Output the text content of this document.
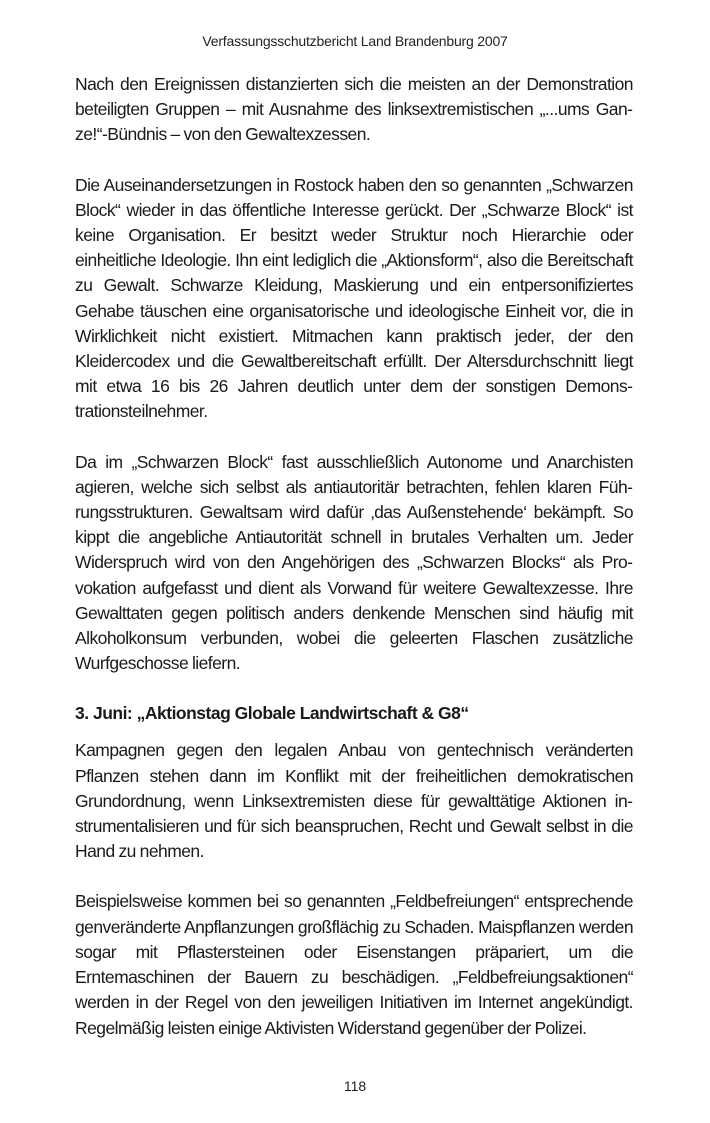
Verfassungsschutzbericht Land Brandenburg 2007

Nach den Ereignissen distanzierten sich die meisten an der Demonstration beteiligten Gruppen – mit Ausnahme des linksextremistischen „...ums Ganze!“-Bündnis – von den Gewaltexzessen.

Die Auseinandersetzungen in Rostock haben den so genannten „Schwarzen Block“ wieder in das öffentliche Interesse gerückt. Der „Schwarze Block“ ist keine Organisation. Er besitzt weder Struktur noch Hierarchie oder einheitliche Ideologie. Ihn eint lediglich die „Aktionsform“, also die Bereitschaft zu Gewalt. Schwarze Kleidung, Maskierung und ein entpersonifiziertes Gehabe täuschen eine organisatorische und ideologische Einheit vor, die in Wirklichkeit nicht existiert. Mitmachen kann praktisch jeder, der den Kleidercodex und die Gewaltbereitschaft erfüllt. Der Altersdurchschnitt liegt mit etwa 16 bis 26 Jahren deutlich unter dem der sonstigen Demonstrationsteilnehmer.

Da im „Schwarzen Block“ fast ausschließlich Autonome und Anarchisten agieren, welche sich selbst als antiautoritär betrachten, fehlen klaren Führungsstrukturen. Gewaltsam wird dafür ‚das Außenstehende‘ bekämpft. So kippt die angebliche Antiautorität schnell in brutales Verhalten um. Jeder Widerspruch wird von den Angehörigen des „Schwarzen Blocks“ als Provokation aufgefasst und dient als Vorwand für weitere Gewaltexzesse. Ihre Gewalttaten gegen politisch anders denkende Menschen sind häufig mit Alkoholkonsum verbunden, wobei die geleerten Flaschen zusätzliche Wurfgeschosse liefern.

3. Juni: „Aktionstag Globale Landwirtschaft & G8“

Kampagnen gegen den legalen Anbau von gentechnisch veränderten Pflanzen stehen dann im Konflikt mit der freiheitlichen demokratischen Grundordnung, wenn Linksextremisten diese für gewalttätige Aktionen instrumentalisieren und für sich beanspruchen, Recht und Gewalt selbst in die Hand zu nehmen.

Beispielsweise kommen bei so genannten „Feldbefreiungen“ entsprechende genveränderte Anpflanzungen großflächig zu Schaden. Maispflanzen werden sogar mit Pflastersteinen oder Eisenstangen präpariert, um die Erntemaschinen der Bauern zu beschädigen. „Feldbefreiungsaktionen“ werden in der Regel von den jeweiligen Initiativen im Internet angekündigt. Regelmäßig leisten einige Aktivisten Widerstand gegenüber der Polizei.

118
